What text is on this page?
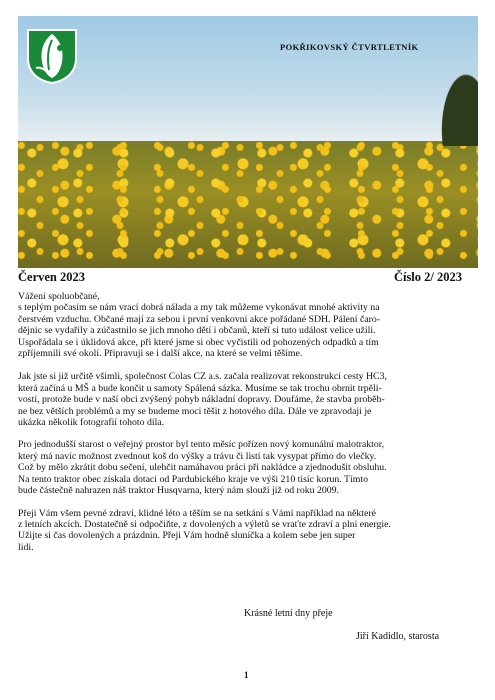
POKŘIKOVSKÝ ČTVRTLETNÍK
Červen 2023	Číslo 2/ 2023

Vážení spoluobčané,
s teplým počasím se nám vrací dobrá nálada a my tak můžeme vykonávat mnohé aktivity na
čerstvém vzduchu. Občané mají za sebou i první venkovní akce pořádané SDH. Pálení čaro-
dějnic se vydařily a zúčastnilo se jich mnoho dětí i občanů, kteří si tuto událost velice užili.
Uspořádala se i úklidová akce, při které jsme si obec vyčistili od pohozených odpadků a tím
zpříjemnili své okolí. Připravuji se i další akce, na které se velmi těšíme.

Jak jste si již určitě všimli, společnost Colas CZ a.s. začala realizovat rekonstrukci cesty HC3,
která začíná u MŠ a bude končit u samoty Spálená sázka. Musíme se tak trochu obrnit trpěli-
vostí, protože bude v naší obci zvýšený pohyb nákladní dopravy. Doufáme, že stavba proběh-
ne bez větších problémů a my se budeme moci těšit z hotového díla. Dále ve zpravodaji je
ukázka několik fotografií tohoto díla.

Pro jednodušší starost o veřejný prostor byl tento měsíc pořízen nový komunální malotraktor,
který má navíc možnost zvednout koš do výšky a trávu či listí tak vysypat přímo do vlečky.
Což by mělo zkrátit dobu sečení, ulehčit namáhavou práci při nakládce a zjednodušit obsluhu.
Na tento traktor obec získala dotaci od Pardubického kraje ve výši 210 tisíc korun. Tímto
bude částečně nahrazen náš traktor Husqvarna, který nám slouží již od roku 2009.

Přeji Vám všem pevné zdraví, klidné léto a těším se na setkání s Vámi například na některé
z letních akcích. Dostatečně si odpočiňte, z dovolených a výletů se vraťte zdraví a plni energie.
Užijte si čas dovolených a prázdnin. Přeji Vám hodně sluníčka a kolem sebe jen super
lidi.

Krásné letní dny přeje
Jiří Kadidlo, starosta
1
